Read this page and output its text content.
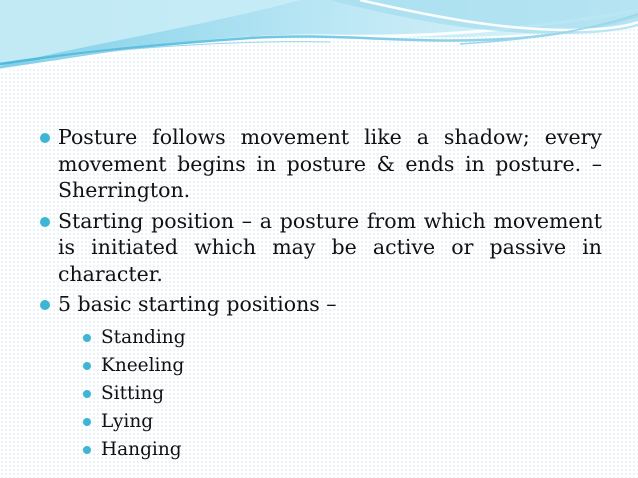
Posture follows movement like a shadow; every movement begins in posture & ends in posture. – Sherrington.
Starting position – a posture from which movement is initiated which may be active or passive in character.
5 basic starting positions –
Standing
Kneeling
Sitting
Lying
Hanging
